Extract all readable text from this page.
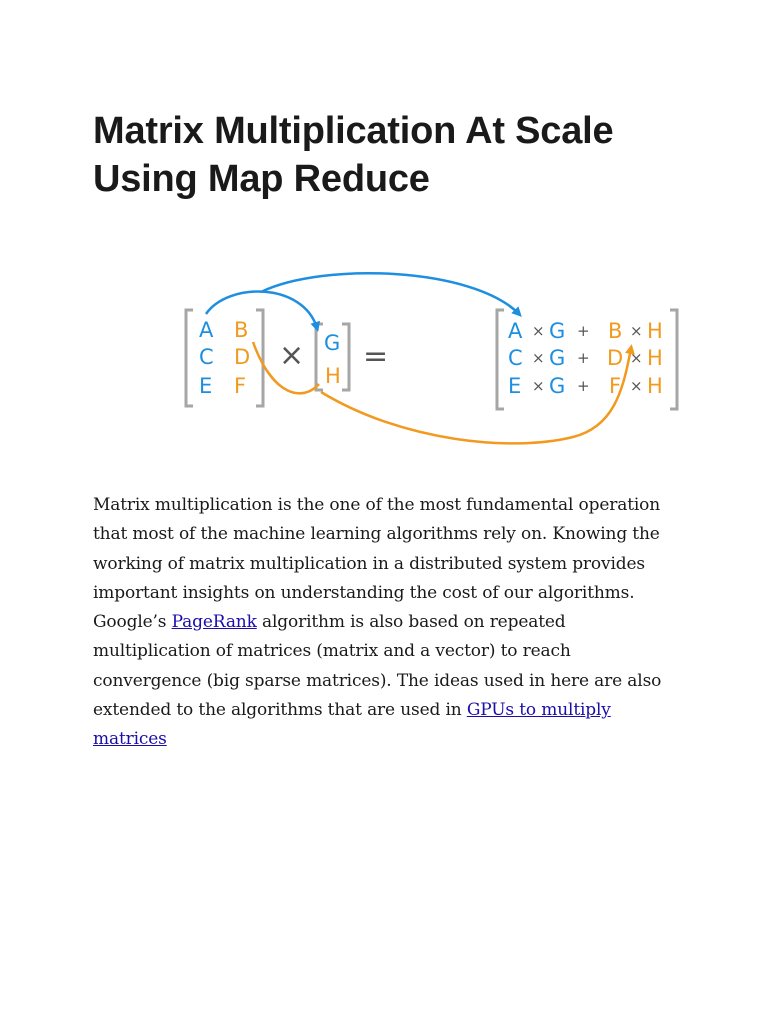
Matrix Multiplication At Scale Using Map Reduce
A B
C D
E F
× G
H
=
A × G + B × H
C × G + D × H
E × G + F × H

Matrix multiplication is the one of the most fundamental operation that most of the machine learning algorithms rely on. Knowing the working of matrix multiplication in a distributed system provides important insights on understanding the cost of our algorithms. Google’s PageRank algorithm is also based on repeated multiplication of matrices (matrix and a vector) to reach convergence (big sparse matrices). The ideas used in here are also extended to the algorithms that are used in GPUs to multiply matrices
